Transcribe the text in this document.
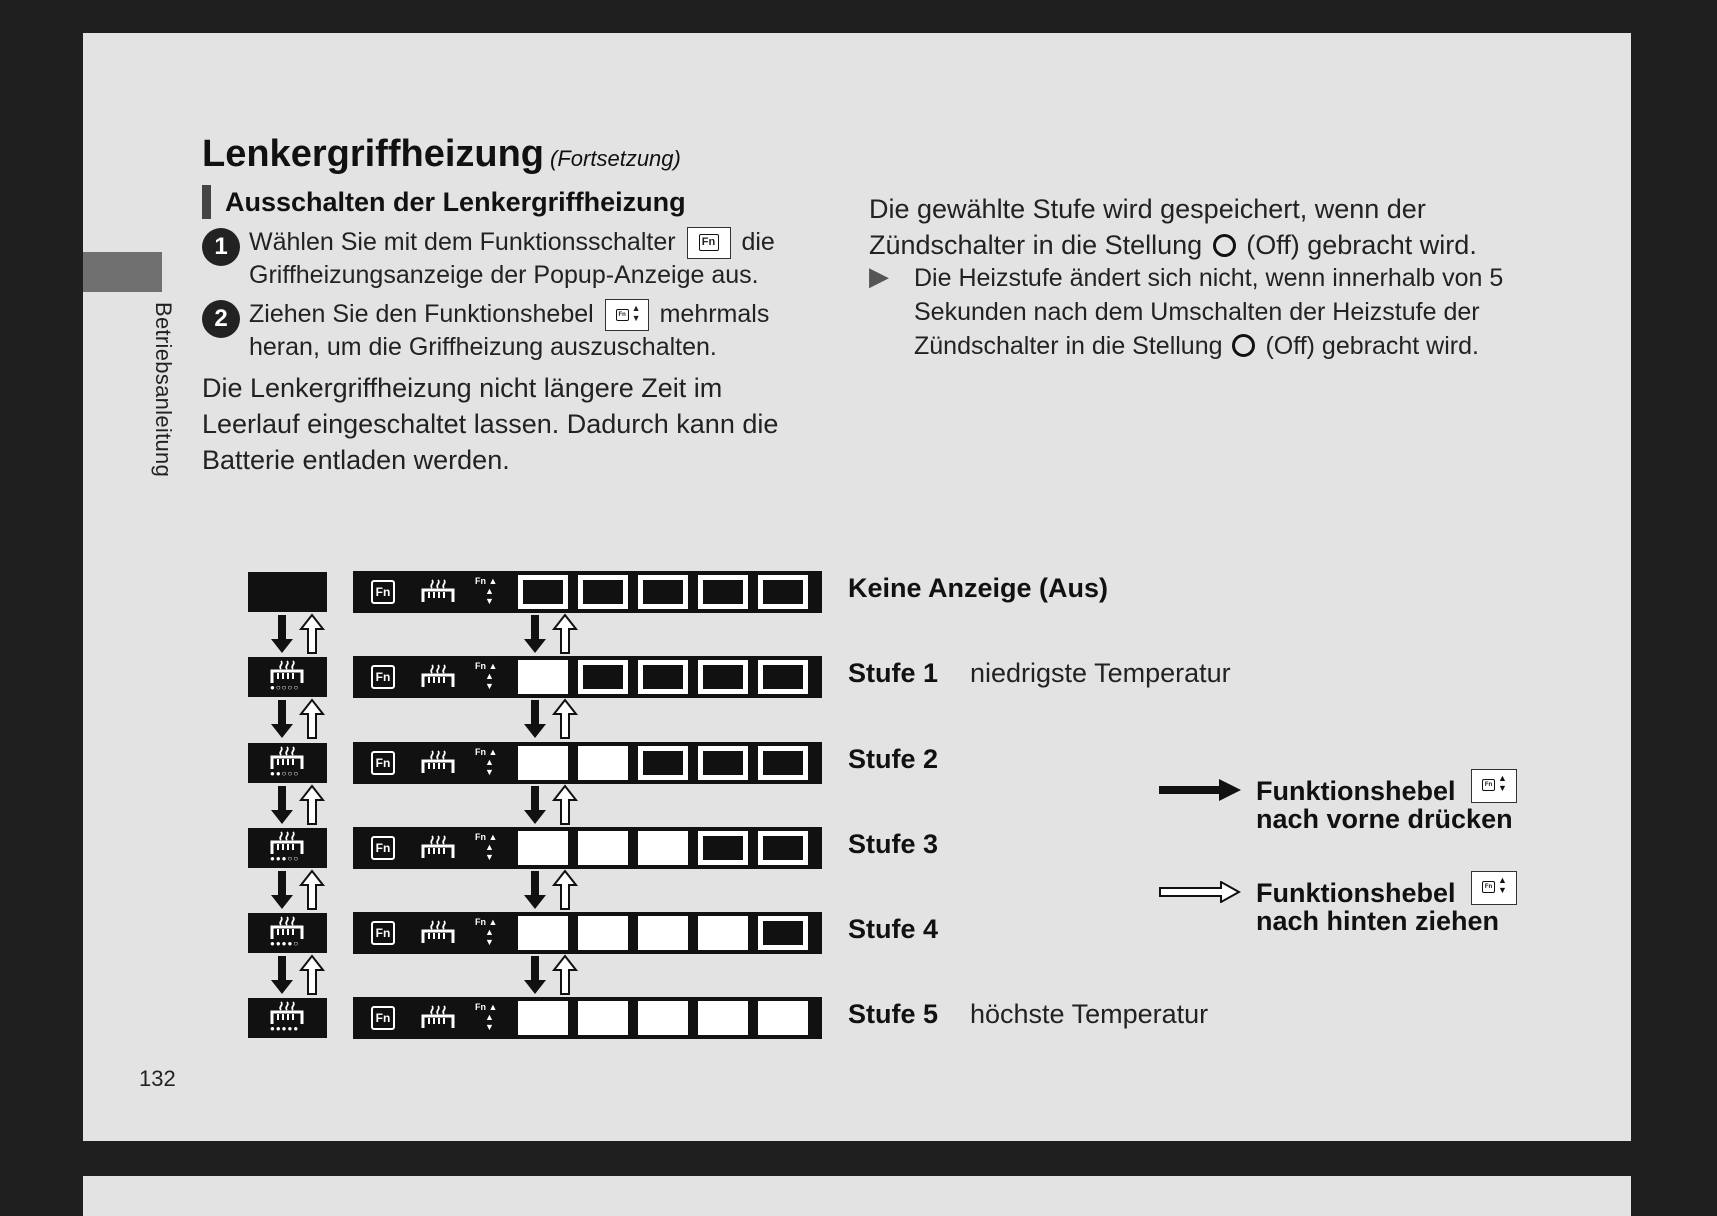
Betriebsanleitung
Lenkergriffheizung (Fortsetzung)
Ausschalten der Lenkergriffheizung
1 Wählen Sie mit dem Funktionsschalter Fn die Griffheizungsanzeige der Popup-Anzeige aus.
2 Ziehen Sie den Funktionshebel	Fn
▲
▼ mehrmals heran, um die Griffheizung auszuschalten.
Die Lenkergriffheizung nicht längere Zeit im Leerlauf eingeschaltet lassen. Dadurch kann die Batterie entladen werden.
Die gewählte Stufe wird gespeichert, wenn der Zündschalter in die Stellung (Off) gebracht wird.
▶ Die Heizstufe ändert sich nicht, wenn innerhalb von 5 Sekunden nach dem Umschalten der Heizstufe der Zündschalter in die Stellung (Off) gebracht wird.
Fn
Fn ▲
▲
▼	Keine Anzeige (Aus)
●○○○○
Fn
Fn ▲
▲
▼	Stufe 1 niedrigste Temperatur
●●○○○
Fn
Fn ▲
▲
▼	Stufe 2
●●●○○
Fn
Fn ▲
▲
▼	Stufe 3
●●●●○
Fn
Fn ▲
▲
▼	Stufe 4
●●●●●
Fn
Fn ▲
▲
▼	Stufe 5 höchste Temperatur
Funktionshebel	Fn
▲
▼

nach vorne drücken
Funktionshebel	Fn
▲
▼

nach hinten ziehen
132
